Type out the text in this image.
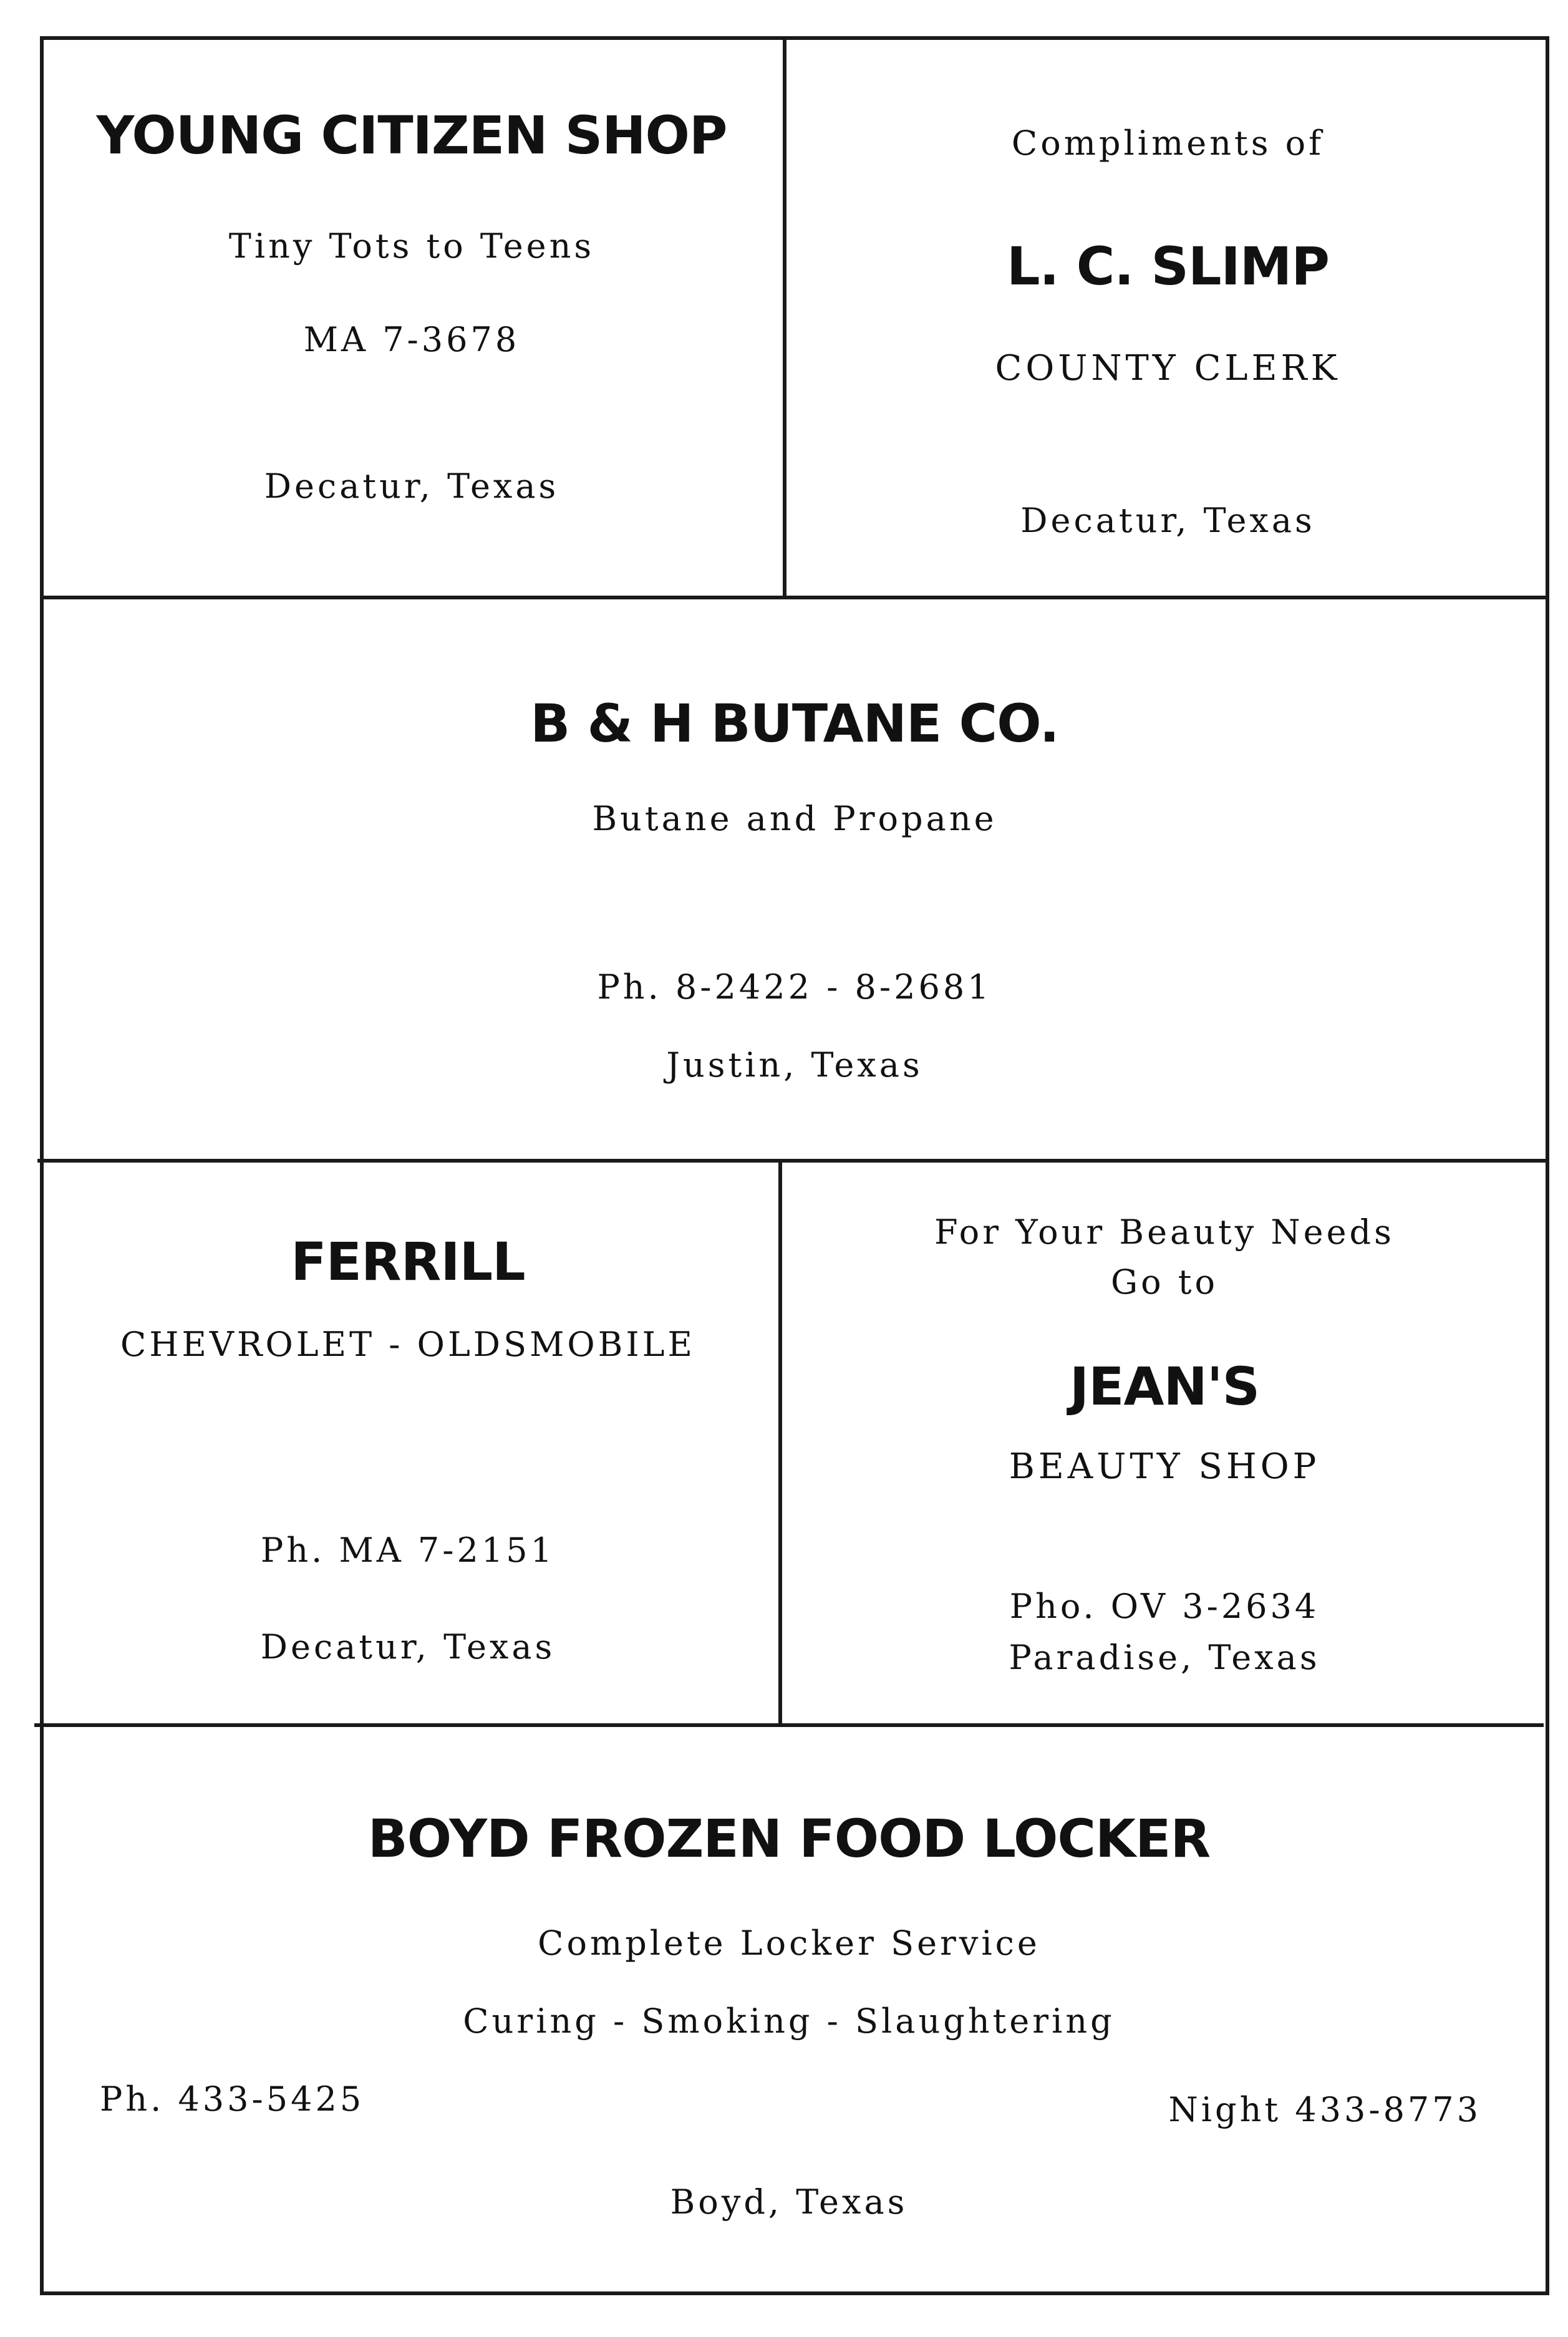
YOUNG CITIZEN SHOP
Tiny Tots to Teens
MA 7-3678
Decatur, Texas
Compliments of
L. C. SLIMP
COUNTY CLERK
Decatur, Texas
B & H BUTANE CO.
Butane and Propane
Ph. 8-2422 - 8-2681
Justin, Texas
FERRILL
CHEVROLET - OLDSMOBILE
Ph. MA 7-2151
Decatur, Texas
For Your Beauty Needs
Go to
JEAN'S
BEAUTY SHOP
Pho. OV 3-2634
Paradise, Texas
BOYD FROZEN FOOD LOCKER
Complete Locker Service
Curing - Smoking - Slaughtering
Ph. 433-5425	Night 433-8773
Boyd, Texas
